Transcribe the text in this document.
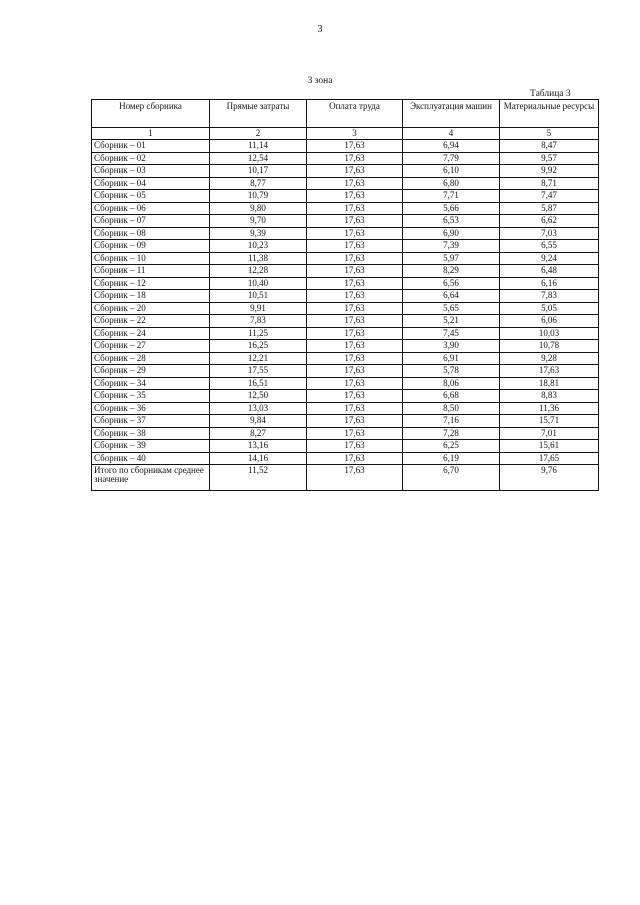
3
3 зона
Таблица 3
Номер сборника	Прямые затраты	Оплата труда	Эксплуатация машин	Материальные ресурсы
1	2	3	4	5
Сборник – 01	11,14	17,63	6,94	8,47
Сборник – 02	12,54	17,63	7,79	9,57
Сборник – 03	10,17	17,63	6,10	9,92
Сборник – 04	8,77	17,63	6,80	8,71
Сборник – 05	10,79	17,63	7,71	7,47
Сборник – 06	9,80	17,63	5,66	5,87
Сборник – 07	9,70	17,63	6,53	6,62
Сборник – 08	9,39	17,63	6,90	7,03
Сборник – 09	10,23	17,63	7,39	6,55
Сборник – 10	11,38	17,63	5,97	9,24
Сборник – 11	12,28	17,63	8,29	6,48
Сборник – 12	10,40	17,63	6,56	6,16
Сборник – 18	10,51	17,63	6,64	7,83
Сборник – 20	9,91	17,63	5,65	5,05
Сборник – 22	7,83	17,63	5,21	6,06
Сборник – 24	11,25	17,63	7,45	10,03
Сборник – 27	16,25	17,63	3,90	10,78
Сборник – 28	12,21	17,63	6,91	9,28
Сборник – 29	17,55	17,63	5,78	17,63
Сборник – 34	16,51	17,63	8,06	18,81
Сборник – 35	12,50	17,63	6,68	8,83
Сборник – 36	13,03	17,63	8,50	11,36
Сборник – 37	9,84	17,63	7,16	15,71
Сборник – 38	8,27	17,63	7,28	7,01
Сборник – 39	13,16	17,63	6,25	15,61
Сборник – 40	14,16	17,63	6,19	17,65
Итого по сборникам среднее значение	11,52	17,63	6,70	9,76
